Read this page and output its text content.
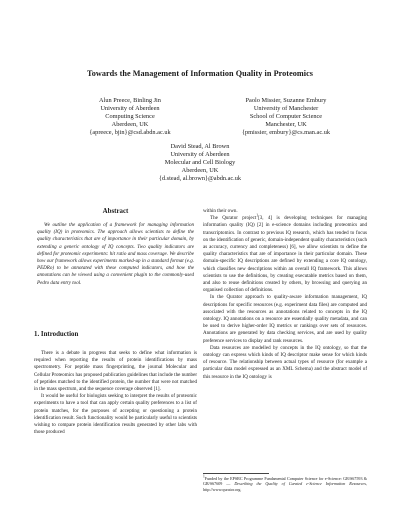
Towards the Management of Information Quality in Proteomics
Alun Preece, Binling Jin
University of Aberdeen
Computing Science
Aberdeen, UK
{apreece, bjin}@csd.abdn.ac.uk
Paolo Missier, Suzanne Embury
University of Manchester
School of Computer Science
Manchester, UK
{pmissier, embury}@cs.man.ac.uk
David Stead, Al Brown
University of Aberdeen
Molecular and Cell Biology
Aberdeen, UK
{d.stead, al.brown}@abdn.ac.uk
Abstract

We outline the application of a framework for managing information quality (IQ) in proteomics. The approach allows scientists to define the quality characteristics that are of importance in their particular domain, by extending a generic ontology of IQ concepts. Two quality indicators are defined for proteomic experiments: hit ratio and mass coverage. We describe how our framework allows experiments marked-up in a standard format (e.g. PEDRo) to be annotated with these computed indicators, and how the annotations can be viewed using a convenient plugin to the commonly-used Pedro data entry tool.

1. Introduction

There is a debate in progress that seeks to define what information is required when reporting the results of protein identifications by mass spectrometry. For peptide mass fingerprinting, the journal Molecular and Cellular Proteomics has proposed publication guidelines that include the number of peptides matched to the identified protein, the number that were not matched in the mass spectrum, and the sequence coverage observed [1].

It would be useful for biologists seeking to interpret the results of proteomic experiments to have a tool that can apply certain quality preferences to a list of protein matches, for the purposes of accepting or questioning a protein identification result. Such functionality would be particularly useful to scientists wishing to compare protein identification results generated by other labs with those produced

within their own.

The Qurator project$^1$[3, 4] is developing techniques for managing information quality (IQ) [2] in e-science domains including proteomics and transcriptomics. In contrast to previous IQ research, which has tended to focus on the identification of generic, domain-independent quality characteristics (such as accuracy, currency and completeness) [6], we allow scientists to define the quality characteristics that are of importance in their particular domain. These domain-specific IQ descriptions are defined by extending a core IQ ontology, which classifies new descriptions within an overall IQ framework. This allows scientists to use the definitions, by creating executable metrics based on them, and also to reuse definitions created by others, by browsing and querying an organised collection of definitions.

In the Qurator approach to quality-aware information management, IQ descriptions for specific resources (e.g. experiment data files) are computed and associated with the resources as annotations related to concepts in the IQ ontology. IQ annotations on a resource are essentially quality metadata, and can be used to derive higher-order IQ metrics or rankings over sets of resources. Annotations are generated by data checking services, and are used by quality preference services to display and rank resources.

Data resources are modelled by concepts in the IQ ontology, so that the ontology can express which kinds of IQ descriptor make sense for which kinds of resource. The relationship between actual types of resource (for example a particular data model expressed as an XML Schema) and the abstract model of this resource in the IQ ontology is

1Funded by the EPSRC Programme Fundamental Computer Science for e-Science: GR/S67593 & GR/S67609 — Describing the Quality of Curated e-Science Information Resources, http://www.qurator.org.
